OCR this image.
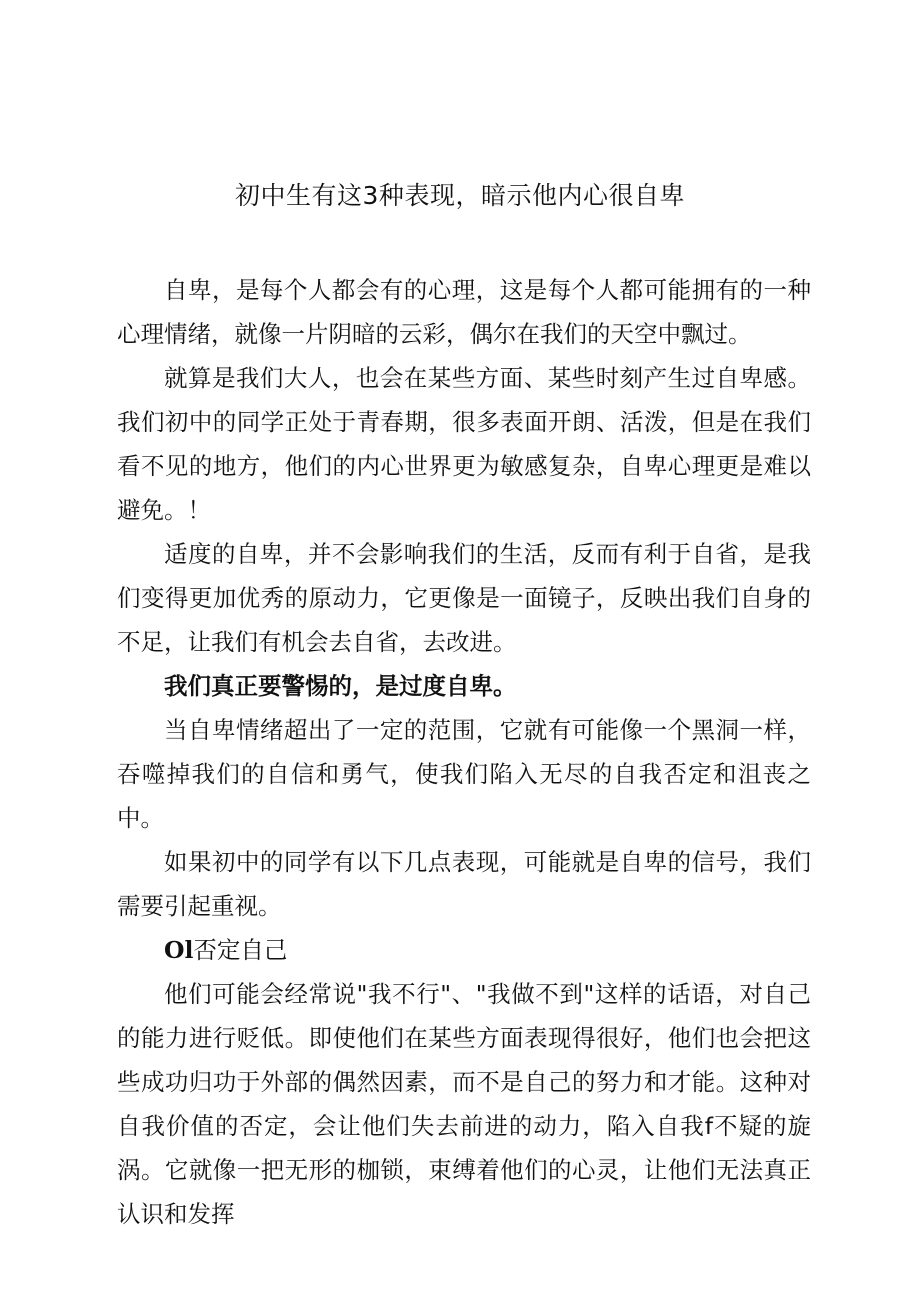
初中生有这3种表现，暗示他内心很自卑

自卑，是每个人都会有的心理，这是每个人都可能拥有的一种心理情绪，就像一片阴暗的云彩，偶尔在我们的天空中飘过。

就算是我们大人，也会在某些方面、某些时刻产生过自卑感。我们初中的同学正处于青春期，很多表面开朗、活泼，但是在我们看不见的地方，他们的内心世界更为敏感复杂，自卑心理更是难以避免。！

适度的自卑，并不会影响我们的生活，反而有利于自省，是我们变得更加优秀的原动力，它更像是一面镜子，反映出我们自身的不足，让我们有机会去自省，去改进。

我们真正要警惕的，是过度自卑。

当自卑情绪超出了一定的范围，它就有可能像一个黑洞一样，吞噬掉我们的自信和勇气，使我们陷入无尽的自我否定和沮丧之中。

如果初中的同学有以下几点表现，可能就是自卑的信号，我们需要引起重视。

Ol否定自己

他们可能会经常说"我不行"、"我做不到"这样的话语，对自己的能力进行贬低。即使他们在某些方面表现得很好，他们也会把这些成功归功于外部的偶然因素，而不是自己的努力和才能。这种对自我价值的否定，会让他们失去前进的动力，陷入自我f不疑的旋涡。它就像一把无形的枷锁，束缚着他们的心灵，让他们无法真正认识和发挥
